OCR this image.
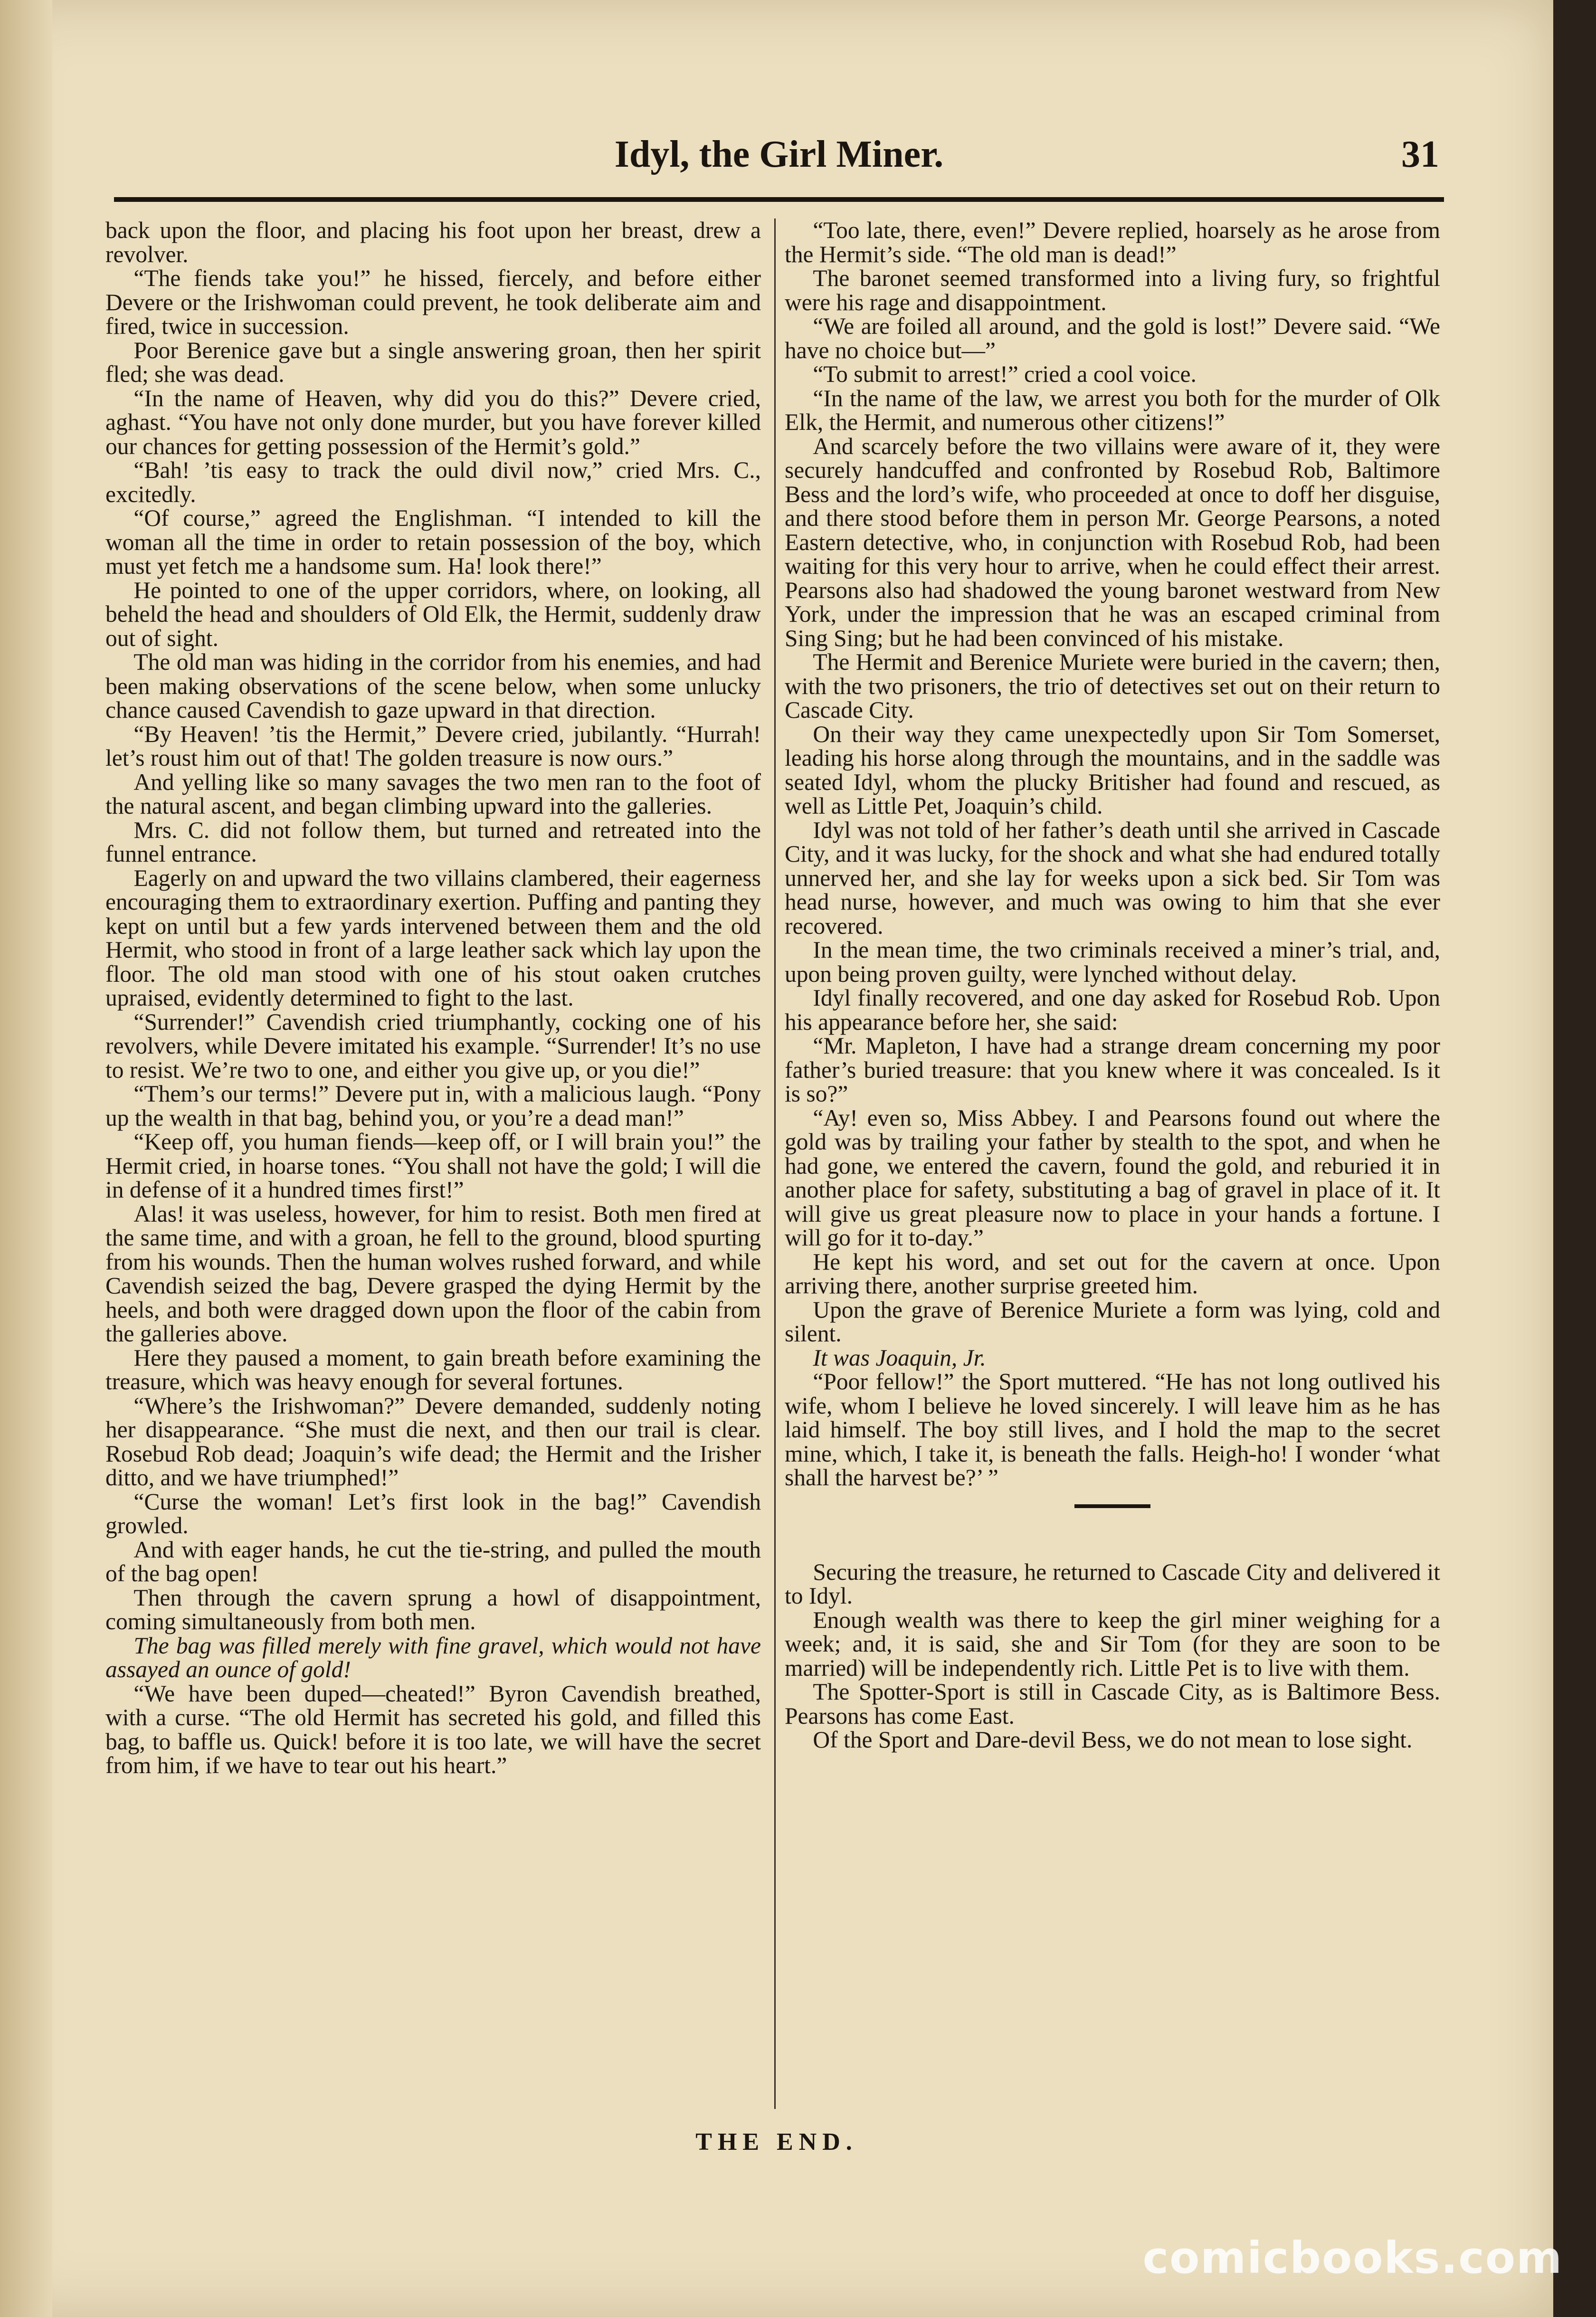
Idyl, the Girl Miner.	31

back upon the floor, and placing his foot upon her breast, drew a revolver.

“The fiends take you!” he hissed, fiercely, and before either Devere or the Irishwoman could prevent, he took deliberate aim and fired, twice in succession.

Poor Berenice gave but a single answering groan, then her spirit fled; she was dead.

“In the name of Heaven, why did you do this?” Devere cried, aghast. “You have not only done murder, but you have forever killed our chances for getting possession of the Hermit’s gold.”

“Bah! ’tis easy to track the ould divil now,” cried Mrs. C., excitedly.

“Of course,” agreed the Englishman. “I intended to kill the woman all the time in order to retain possession of the boy, which must yet fetch me a handsome sum. Ha! look there!”

He pointed to one of the upper corridors, where, on looking, all beheld the head and shoulders of Old Elk, the Hermit, suddenly draw out of sight.

The old man was hiding in the corridor from his enemies, and had been making observations of the scene below, when some unlucky chance caused Cavendish to gaze upward in that direction.

“By Heaven! ’tis the Hermit,” Devere cried, jubilantly. “Hurrah! let’s roust him out of that! The golden treasure is now ours.”

And yelling like so many savages the two men ran to the foot of the natural ascent, and began climbing upward into the galleries.

Mrs. C. did not follow them, but turned and retreated into the funnel entrance.

Eagerly on and upward the two villains clambered, their eagerness encouraging them to extraordinary exertion. Puffing and panting they kept on until but a few yards intervened between them and the old Hermit, who stood in front of a large leather sack which lay upon the floor. The old man stood with one of his stout oaken crutches upraised, evidently determined to fight to the last.

“Surrender!” Cavendish cried triumphantly, cocking one of his revolvers, while Devere imitated his example. “Surrender! It’s no use to resist. We’re two to one, and either you give up, or you die!”

“Them’s our terms!” Devere put in, with a malicious laugh. “Pony up the wealth in that bag, behind you, or you’re a dead man!”

“Keep off, you human fiends—keep off, or I will brain you!” the Hermit cried, in hoarse tones. “You shall not have the gold; I will die in defense of it a hundred times first!”

Alas! it was useless, however, for him to resist. Both men fired at the same time, and with a groan, he fell to the ground, blood spurting from his wounds. Then the human wolves rushed forward, and while Cavendish seized the bag, Devere grasped the dying Hermit by the heels, and both were dragged down upon the floor of the cabin from the galleries above.

Here they paused a moment, to gain breath before examining the treasure, which was heavy enough for several fortunes.

“Where’s the Irishwoman?” Devere demanded, suddenly noting her disappearance. “She must die next, and then our trail is clear. Rosebud Rob dead; Joaquin’s wife dead; the Hermit and the Irisher ditto, and we have triumphed!”

“Curse the woman! Let’s first look in the bag!” Cavendish growled.

And with eager hands, he cut the tie-string, and pulled the mouth of the bag open!

Then through the cavern sprung a howl of disappointment, coming simultaneously from both men.

The bag was filled merely with fine gravel, which would not have assayed an ounce of gold!

“We have been duped—cheated!” Byron Cavendish breathed, with a curse. “The old Hermit has secreted his gold, and filled this bag, to baffle us. Quick! before it is too late, we will have the secret from him, if we have to tear out his heart.”

“Too late, there, even!” Devere replied, hoarsely as he arose from the Hermit’s side. “The old man is dead!”

The baronet seemed transformed into a living fury, so frightful were his rage and disappointment.

“We are foiled all around, and the gold is lost!” Devere said. “We have no choice but—”

“To submit to arrest!” cried a cool voice.

“In the name of the law, we arrest you both for the murder of Olk Elk, the Hermit, and numerous other citizens!”

And scarcely before the two villains were aware of it, they were securely handcuffed and confronted by Rosebud Rob, Baltimore Bess and the lord’s wife, who proceeded at once to doff her disguise, and there stood before them in person Mr. George Pearsons, a noted Eastern detective, who, in conjunction with Rosebud Rob, had been waiting for this very hour to arrive, when he could effect their arrest. Pearsons also had shadowed the young baronet westward from New York, under the impression that he was an escaped criminal from Sing Sing; but he had been convinced of his mistake.

The Hermit and Berenice Muriete were buried in the cavern; then, with the two prisoners, the trio of detectives set out on their return to Cascade City.

On their way they came unexpectedly upon Sir Tom Somerset, leading his horse along through the mountains, and in the saddle was seated Idyl, whom the plucky Britisher had found and rescued, as well as Little Pet, Joaquin’s child.

Idyl was not told of her father’s death until she arrived in Cascade City, and it was lucky, for the shock and what she had endured totally unnerved her, and she lay for weeks upon a sick bed. Sir Tom was head nurse, however, and much was owing to him that she ever recovered.

In the mean time, the two criminals received a miner’s trial, and, upon being proven guilty, were lynched without delay.

Idyl finally recovered, and one day asked for Rosebud Rob. Upon his appearance before her, she said:

“Mr. Mapleton, I have had a strange dream concerning my poor father’s buried treasure: that you knew where it was concealed. Is it is so?”

“Ay! even so, Miss Abbey. I and Pearsons found out where the gold was by trailing your father by stealth to the spot, and when he had gone, we entered the cavern, found the gold, and reburied it in another place for safety, substituting a bag of gravel in place of it. It will give us great pleasure now to place in your hands a fortune. I will go for it to-day.”

He kept his word, and set out for the cavern at once. Upon arriving there, another surprise greeted him.

Upon the grave of Berenice Muriete a form was lying, cold and silent.

It was Joaquin, Jr.

“Poor fellow!” the Sport muttered. “He has not long outlived his wife, whom I believe he loved sincerely. I will leave him as he has laid himself. The boy still lives, and I hold the map to the secret mine, which, I take it, is beneath the falls. Heigh-ho! I wonder ‘what shall the harvest be?’ ”

Securing the treasure, he returned to Cascade City and delivered it to Idyl.

Enough wealth was there to keep the girl miner weighing for a week; and, it is said, she and Sir Tom (for they are soon to be married) will be independently rich. Little Pet is to live with them.

The Spotter-Sport is still in Cascade City, as is Baltimore Bess. Pearsons has come East.

Of the Sport and Dare-devil Bess, we do not mean to lose sight.

THE END.
comicbooks.com
